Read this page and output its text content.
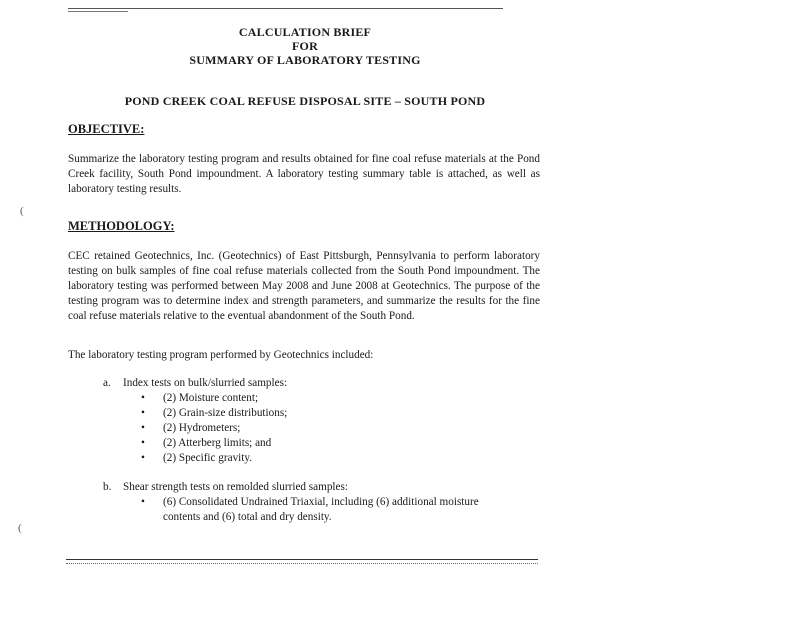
CALCULATION BRIEF
FOR
SUMMARY OF LABORATORY TESTING
POND CREEK COAL REFUSE DISPOSAL SITE – SOUTH POND
OBJECTIVE:
Summarize the laboratory testing program and results obtained for fine coal refuse materials at the Pond Creek facility, South Pond impoundment. A laboratory testing summary table is attached, as well as laboratory testing results.
(
METHODOLOGY:
CEC retained Geotechnics, Inc. (Geotechnics) of East Pittsburgh, Pennsylvania to perform laboratory testing on bulk samples of fine coal refuse materials collected from the South Pond impoundment. The laboratory testing was performed between May 2008 and June 2008 at Geotechnics. The purpose of the testing program was to determine index and strength parameters, and summarize the results for the fine coal refuse materials relative to the eventual abandonment of the South Pond.
The laboratory testing program performed by Geotechnics included:
a. Index tests on bulk/slurried samples:
• (2) Moisture content;
• (2) Grain-size distributions;
• (2) Hydrometers;
• (2) Atterberg limits; and
• (2) Specific gravity.
b. Shear strength tests on remolded slurried samples:
• (6) Consolidated Undrained Triaxial, including (6) additional moisture
contents and (6) total and dry density.
(
